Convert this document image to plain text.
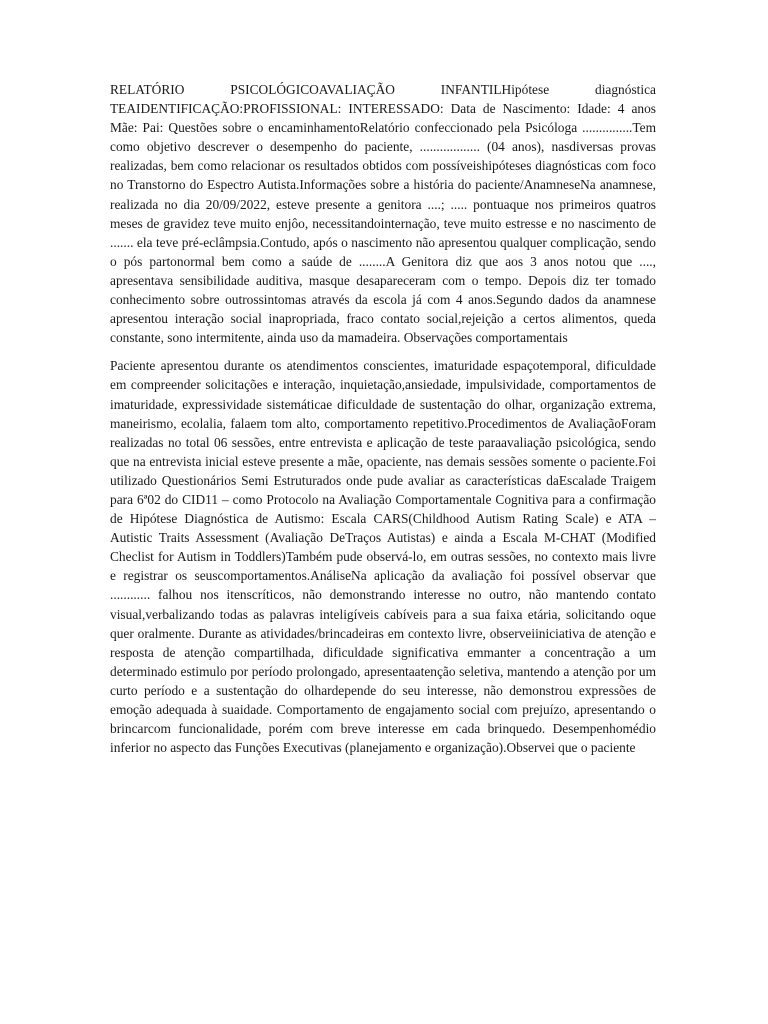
RELATÓRIO PSICOLÓGICOAVALIAÇÃO INFANTILHipótese diagnóstica TEAIDENTIFICAÇÃO:PROFISSIONAL: INTERESSADO: Data de Nascimento: Idade: 4 anos Mãe: Pai: Questões sobre o encaminhamentoRelatório confeccionado pela Psicóloga ...............Tem como objetivo descrever o desempenho do paciente, .................. (04 anos), nasdiversas provas realizadas, bem como relacionar os resultados obtidos com possíveishipóteses diagnósticas com foco no Transtorno do Espectro Autista.Informações sobre a história do paciente/AnamneseNa anamnese, realizada no dia 20/09/2022, esteve presente a genitora ....; ..... pontuaque nos primeiros quatros meses de gravidez teve muito enjôo, necessitandointernação, teve muito estresse e no nascimento de ....... ela teve pré-eclâmpsia.Contudo, após o nascimento não apresentou qualquer complicação, sendo o pós partonormal bem como a saúde de ........A Genitora diz que aos 3 anos notou que ...., apresentava sensibilidade auditiva, masque desapareceram com o tempo. Depois diz ter tomado conhecimento sobre outrossintomas através da escola já com 4 anos.Segundo dados da anamnese apresentou interação social inapropriada, fraco contato social,rejeição a certos alimentos, queda constante, sono intermitente, ainda uso da mamadeira. Observações comportamentais

Paciente apresentou durante os atendimentos conscientes, imaturidade espaçotemporal, dificuldade em compreender solicitações e interação, inquietação,ansiedade, impulsividade, comportamentos de imaturidade, expressividade sistemáticae dificuldade de sustentação do olhar, organização extrema, maneirismo, ecolalia, falaem tom alto, comportamento repetitivo.Procedimentos de AvaliaçãoForam realizadas no total 06 sessões, entre entrevista e aplicação de teste paraavaliação psicológica, sendo que na entrevista inicial esteve presente a mãe, opaciente, nas demais sessões somente o paciente.Foi utilizado Questionários Semi Estruturados onde pude avaliar as características daEscalade Traigem para 6ª02 do CID11 – como Protocolo na Avaliação Comportamentale Cognitiva para a confirmação de Hipótese Diagnóstica de Autismo: Escala CARS(Childhood Autism Rating Scale) e ATA – Autistic Traits Assessment (Avaliação DeTraços Autistas) e ainda a Escala M-CHAT (Modified Checlist for Autism in Toddlers)Também pude observá-lo, em outras sessões, no contexto mais livre e registrar os seuscomportamentos.AnáliseNa aplicação da avaliação foi possível observar que ............ falhou nos itenscríticos, não demonstrando interesse no outro, não mantendo contato visual,verbalizando todas as palavras inteligíveis cabíveis para a sua faixa etária, solicitando oque quer oralmente. Durante as atividades/brincadeiras em contexto livre, observeiiniciativa de atenção e resposta de atenção compartilhada, dificuldade significativa emmanter a concentração a um determinado estimulo por período prolongado, apresentaatenção seletiva, mantendo a atenção por um curto período e a sustentação do olhardepende do seu interesse, não demonstrou expressões de emoção adequada à suaidade. Comportamento de engajamento social com prejuízo, apresentando o brincarcom funcionalidade, porém com breve interesse em cada brinquedo. Desempenhomédio inferior no aspecto das Funções Executivas (planejamento e organização).Observei que o paciente
